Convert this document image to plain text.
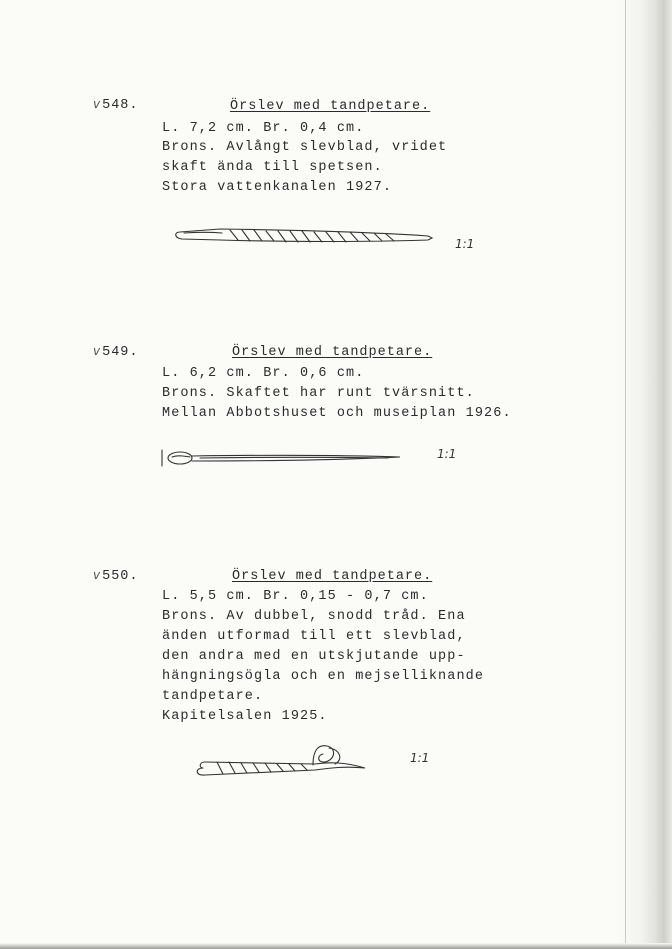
v548.	Örslev med tandpetare.
L. 7,2 cm. Br. 0,4 cm.
Brons. Avlångt slevblad, vridet
skaft ända till spetsen.
Stora vattenkanalen 1927.
1:1
v549.	Örslev med tandpetare.
L. 6,2 cm. Br. 0,6 cm.
Brons. Skaftet har runt tvärsnitt.
Mellan Abbotshuset och museiplan 1926.
1:1
v550.	Örslev med tandpetare.
L. 5,5 cm. Br. 0,15 - 0,7 cm.
Brons. Av dubbel, snodd tråd. Ena
änden utformad till ett slevblad,
den andra med en utskjutande upp-
hängningsögla och en mejselliknande
tandpetare.
Kapitelsalen 1925.
1:1
